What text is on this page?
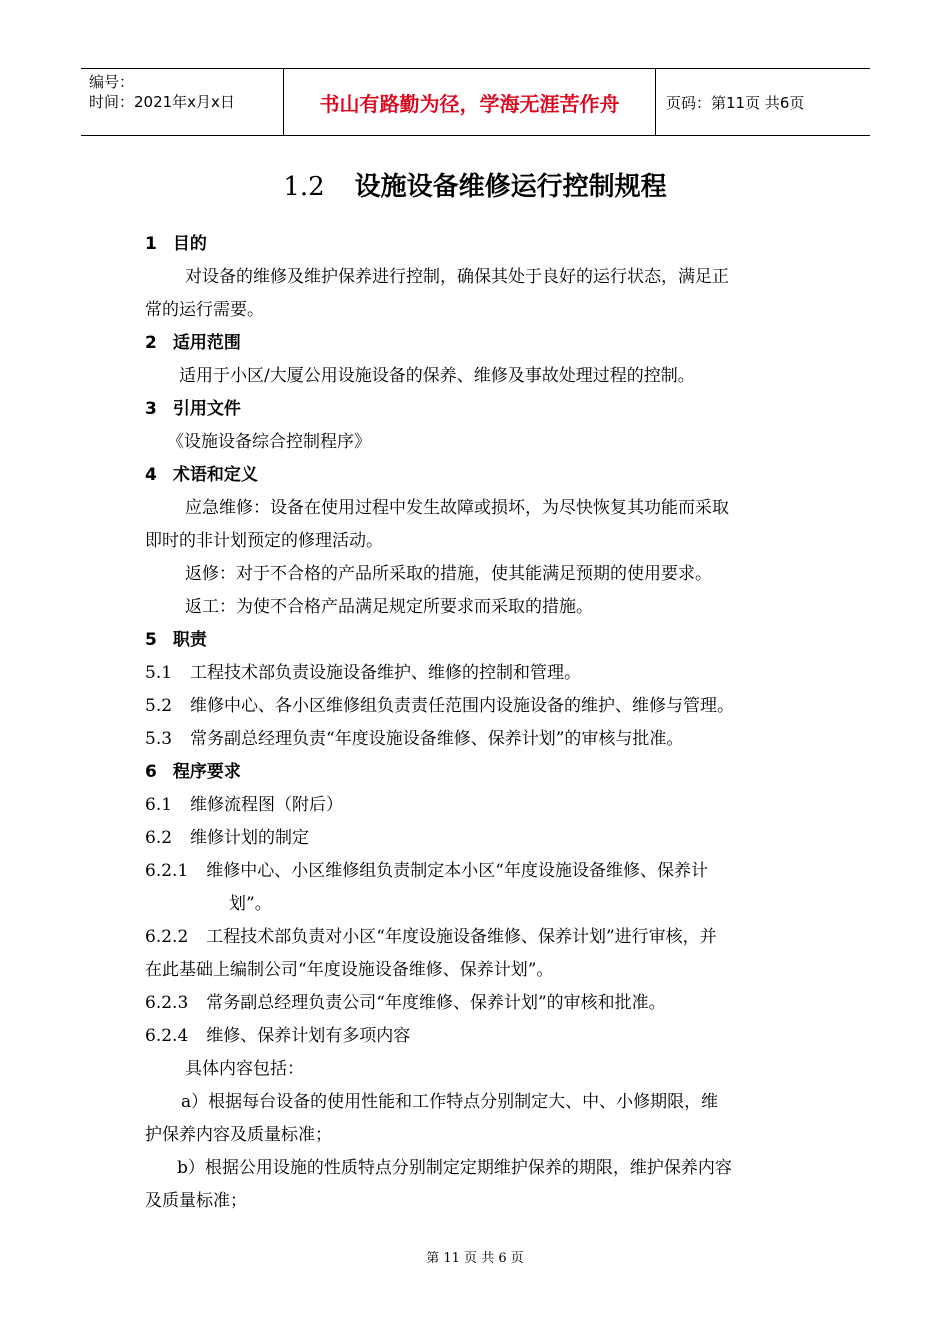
编号：
时间：2021年x月x日	书山有路勤为径，学海无涯苦作舟	页码：第11页 共6页
1.2 设施设备维修运行控制规程
1 目的
对设备的维修及维护保养进行控制，确保其处于良好的运行状态，满足正
常的运行需要。
2 适用范围
适用于小区/大厦公用设施设备的保养、维修及事故处理过程的控制。
3 引用文件
《设施设备综合控制程序》
4 术语和定义
应急维修：设备在使用过程中发生故障或损坏，为尽快恢复其功能而采取
即时的非计划预定的修理活动。
返修：对于不合格的产品所采取的措施，使其能满足预期的使用要求。
返工：为使不合格产品满足规定所要求而采取的措施。
5 职责
5.1 工程技术部负责设施设备维护、维修的控制和管理。
5.2 维修中心、各小区维修组负责责任范围内设施设备的维护、维修与管理。
5.3 常务副总经理负责“年度设施设备维修、保养计划”的审核与批准。
6 程序要求
6.1 维修流程图（附后）
6.2 维修计划的制定
6.2.1 维修中心、小区维修组负责制定本小区“年度设施设备维修、保养计
划”。
6.2.2 工程技术部负责对小区“年度设施设备维修、保养计划”进行审核，并
在此基础上编制公司“年度设施设备维修、保养计划”。
6.2.3 常务副总经理负责公司“年度维修、保养计划”的审核和批准。
6.2.4 维修、保养计划有多项内容
具体内容包括：
a）根据每台设备的使用性能和工作特点分别制定大、中、小修期限，维
护保养内容及质量标准；
b）根据公用设施的性质特点分别制定定期维护保养的期限，维护保养内容
及质量标准；
第 11 页 共 6 页
